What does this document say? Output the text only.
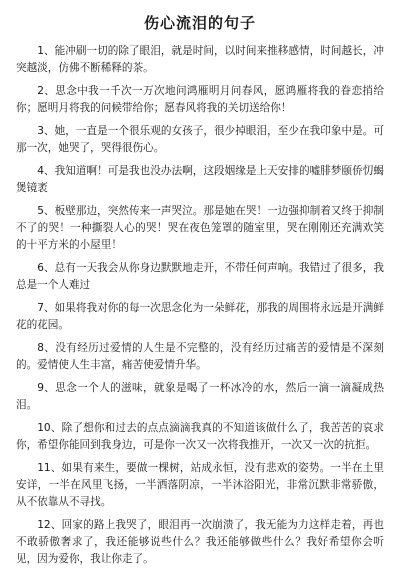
伤心流泪的句子

1、能冲刷一切的除了眼泪，就是时间，以时间来推移感情，时间越长，冲突越淡，仿佛不断稀释的茶。

2、思念中我一千次一万次地问鸿雁明月问春风，愿鸿雁将我的眷恋捎给你；愿明月将我的问候带给你；愿春风将我的关切送给你！

3、她，一直是一个很乐观的女孩子，很少掉眼泪，至少在我印象中是。可那一次，她哭了，哭得很伤心。

4、我知道啊！可是我也没办法啊，这段姻缘是上天安排的嘘腓梦颐侨忉蝎煲镜袤

5、板壁那边，突然传来一声哭泣。那是她在哭！一边强抑制着又终于抑制不了的哭！一种撕裂人心的哭！哭在夜色笼罩的随室里，哭在刚刚还充满欢笑的十平方米的小屋里！

6、总有一天我会从你身边默默地走开，不带任何声响。我错过了很多，我总是一个人难过

7、如果将我对你的每一次思念化为一朵鲜花，那我的周围将永远是开满鲜花的花园。

8、没有经历过爱情的人生是不完整的，没有经历过痛苦的爱情是不深刻的。爱情使人生丰富，痛苦使爱情升华。

9、思念一个人的滋味，就象是喝了一杯冰冷的水，然后一滴一滴凝成热泪。

10、除了想你和过去的点点滴滴我真的不知道该做什么了，我苦苦的哀求你，希望你能回到我身边，可是你一次又一次将我推开，一次又一次的抗拒。

11、如果有来生，要做一棵树，站成永恒，没有悲欢的姿势。一半在土里安详，一半在风里飞扬，一半洒落阴凉，一半沐浴阳光，非常沉默非常骄傲，从不依靠从不寻找。

12、回家的路上我哭了，眼泪再一次崩溃了，我无能为力这样走着，再也不敢骄傲奢求了，我还能够说些什么？我还能够做些什么？我好希望你会听见，因为爱你，我让你走了。
